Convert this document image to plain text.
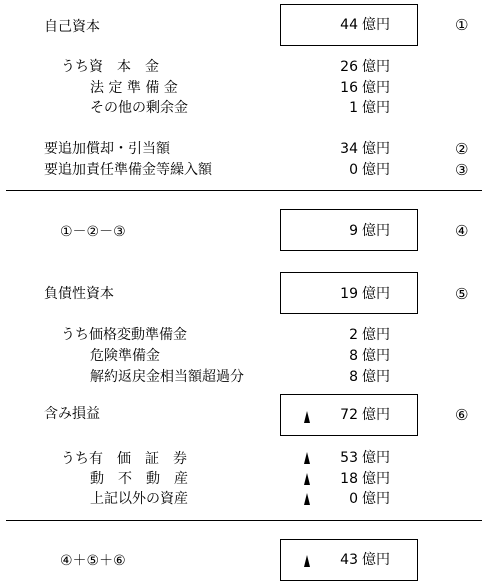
自己資本	44 億円	①
うち資　本　金	26 億円
法 定 準 備 金	16 億円
その他の剰余金	1 億円
要追加償却・引当額	34 億円	②
要追加責任準備金等繰入額	0 億円	③
①－②－③	9 億円	④
負債性資本	19 億円	⑤
うち価格変動準備金	2 億円
危険準備金	8 億円
解約返戻金相当額超過分	8 億円
含み損益	72 億円	⑥
うち有　価　証　券	53 億円
動　不　動　産	18 億円
上記以外の資産	0 億円
④＋⑤＋⑥	43 億円
